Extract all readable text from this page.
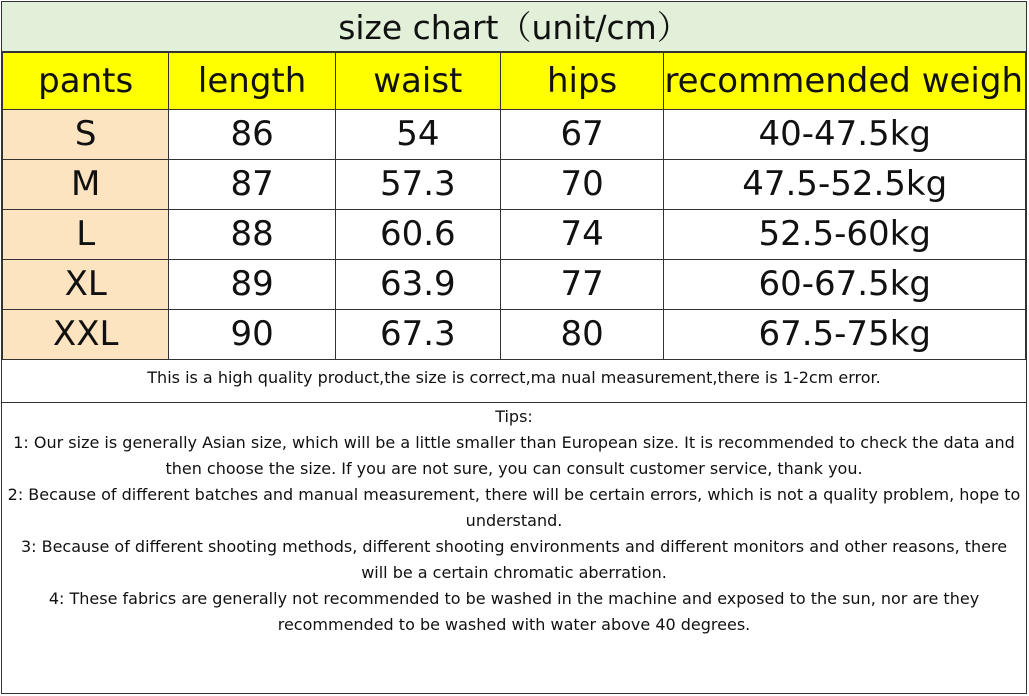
size chart（unit/cm）
pants	length	waist	hips	recommended weigh
S	86	54	67	40-47.5kg
M	87	57.3	70	47.5-52.5kg
L	88	60.6	74	52.5-60kg
XL	89	63.9	77	60-67.5kg
XXL	90	67.3	80	67.5-75kg
This is a high quality product,the size is correct,ma nual measurement,there is 1-2cm error.
Tips:
1: Our size is generally Asian size, which will be a little smaller than European size. It is recommended to check the data and then choose the size. If you are not sure, you can consult customer service, thank you.
2: Because of different batches and manual measurement, there will be certain errors, which is not a quality problem, hope to understand.
3: Because of different shooting methods, different shooting environments and different monitors and other reasons, there will be a certain chromatic aberration.
4: These fabrics are generally not recommended to be washed in the machine and exposed to the sun, nor are they recommended to be washed with water above 40 degrees.
